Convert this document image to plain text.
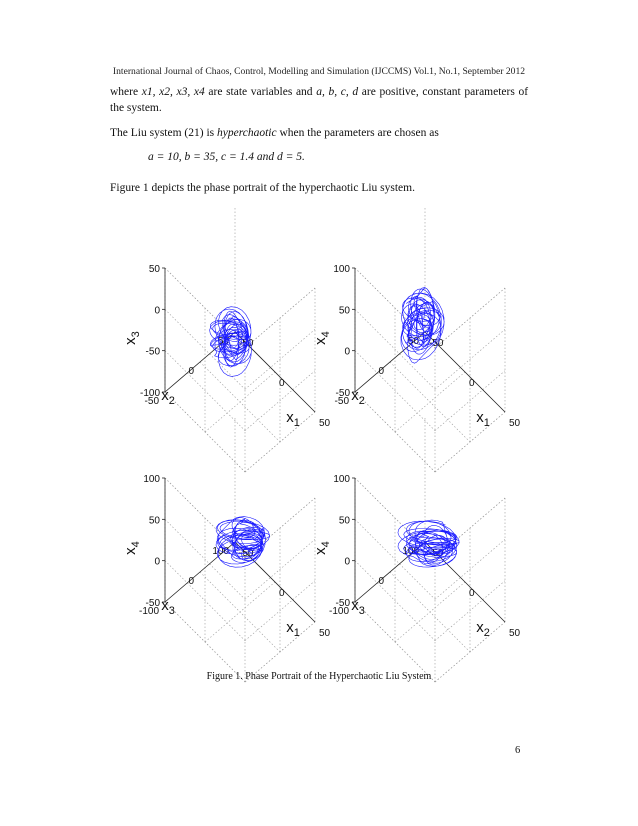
International Journal of Chaos, Control, Modelling and Simulation (IJCCMS) Vol.1, No.1, September 2012
where x1, x2, x3, x4 are state variables and a, b, c, d are positive, constant parameters of the system.
The Liu system (21) is hyperchaotic when the parameters are chosen as
a = 10, b = 35, c = 1.4 and d = 5.
Figure 1 depicts the phase portrait of the hyperchaotic Liu system.
-100
-50
0
50
-50
0
50 -50
0
50
$x_3$
$x_2$
$x_1$
-50
0
50
100
-50
0
50 -50
0
50
$x_4$
$x_2$
$x_1$
-50
0
50
100
-100
0
100 -50
0
50
$x_4$
$x_3$
$x_1$
-50
0
50
100
-100
0
100 -50
0
50
$x_4$
$x_3$
$x_2$
Figure 1. Phase Portrait of the Hyperchaotic Liu System
6
